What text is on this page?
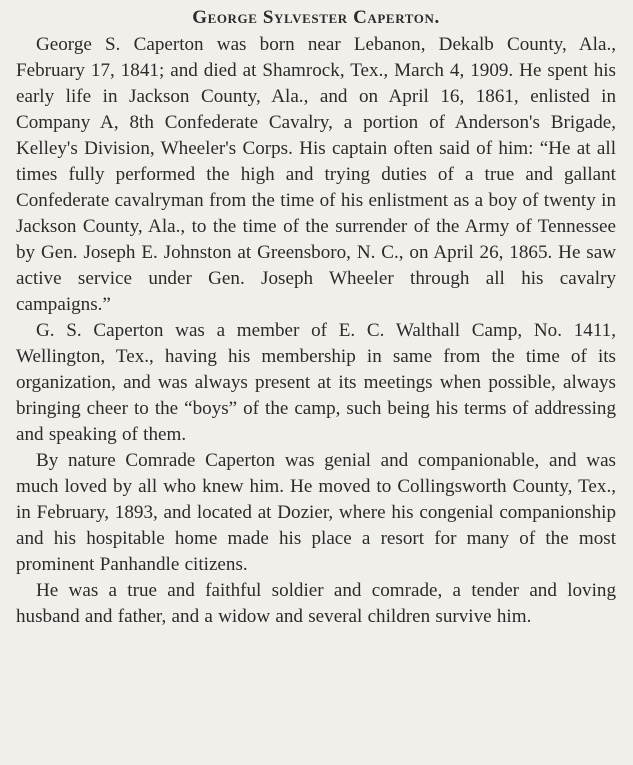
George Sylvester Caperton.

George S. Caperton was born near Lebanon, Dekalb County, Ala., February 17, 1841; and died at Shamrock, Tex., March 4, 1909. He spent his early life in Jackson County, Ala., and on April 16, 1861, enlisted in Company A, 8th Confederate Cavalry, a portion of Anderson's Brigade, Kelley's Division, Wheeler's Corps. His captain often said of him: “He at all times fully performed the high and trying duties of a true and gallant Confederate cavalryman from the time of his enlistment as a boy of twenty in Jackson County, Ala., to the time of the surrender of the Army of Tennessee by Gen. Joseph E. Johnston at Greensboro, N. C., on April 26, 1865. He saw active service under Gen. Joseph Wheeler through all his cavalry campaigns.”

G. S. Caperton was a member of E. C. Walthall Camp, No. 1411, Wellington, Tex., having his membership in same from the time of its organization, and was always present at its meetings when possible, always bringing cheer to the “boys” of the camp, such being his terms of addressing and speaking of them.

By nature Comrade Caperton was genial and companionable, and was much loved by all who knew him. He moved to Collingsworth County, Tex., in February, 1893, and located at Dozier, where his congenial companionship and his hospitable home made his place a resort for many of the most prominent Panhandle citizens.

He was a true and faithful soldier and comrade, a tender and loving husband and father, and a widow and several children survive him.
